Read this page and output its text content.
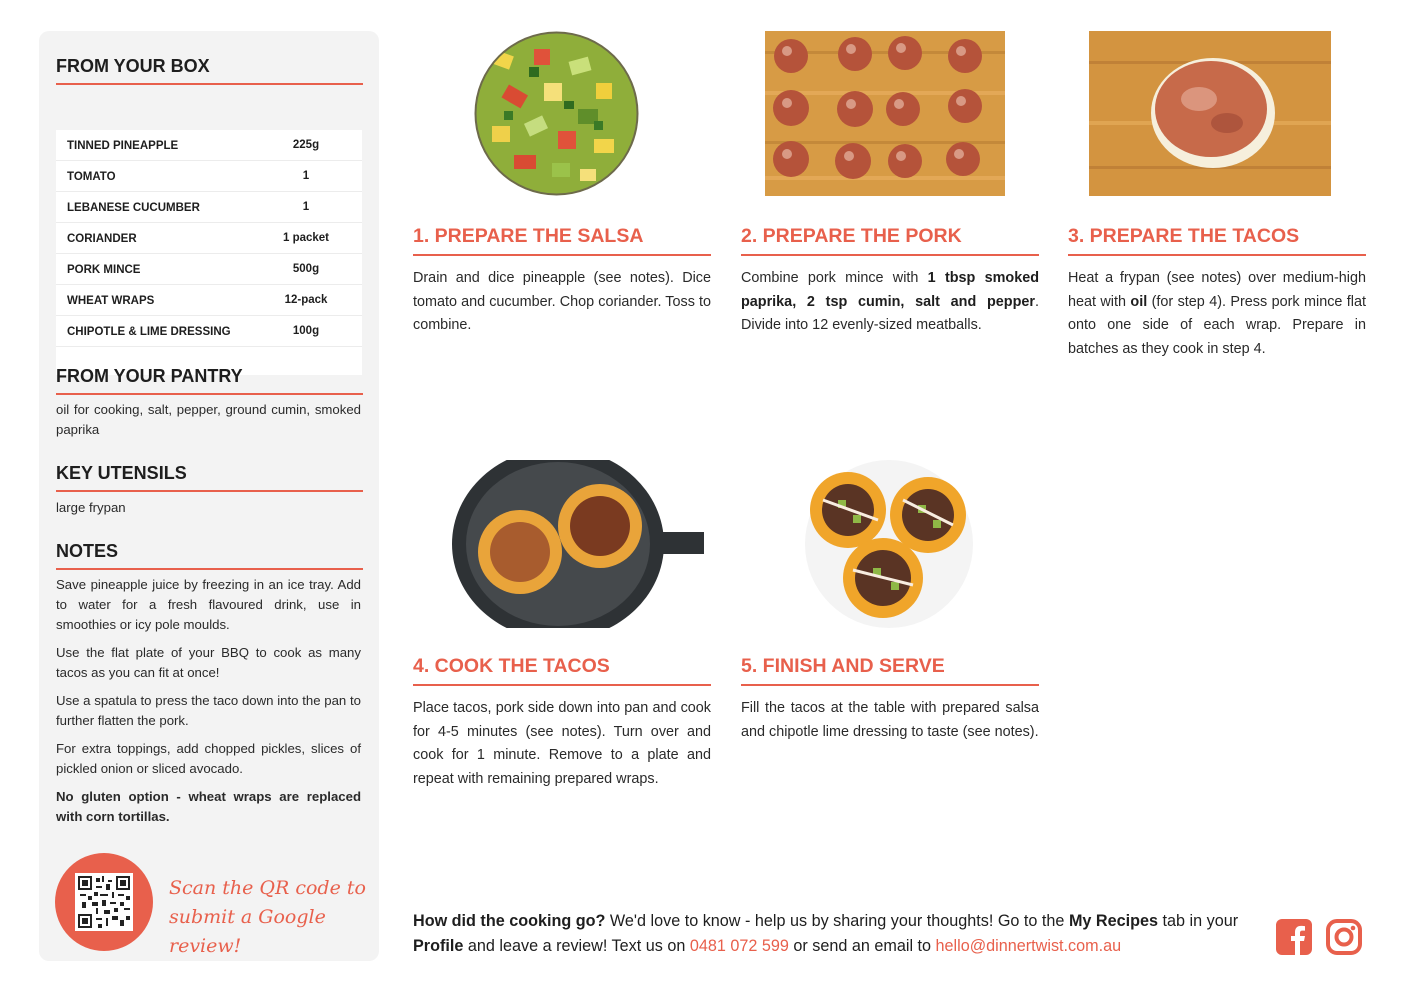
FROM YOUR BOX
TINNED PINEAPPLE	225g
TOMATO	1
LEBANESE CUCUMBER	1
CORIANDER	1 packet
PORK MINCE	500g
WHEAT WRAPS	12-pack
CHIPOTLE & LIME DRESSING	100g
FROM YOUR PANTRY
oil for cooking, salt, pepper, ground cumin, smoked paprika
KEY UTENSILS
large frypan
NOTES

Save pineapple juice by freezing in an ice tray. Add to water for a fresh flavoured drink, use in smoothies or icy pole moulds.

Use the flat plate of your BBQ to cook as many tacos as you can fit at once!

Use a spatula to press the taco down into the pan to further flatten the pork.

For extra toppings, add chopped pickles, slices of pickled onion or sliced avocado.

No gluten option - wheat wraps are replaced with corn tortillas.

Scan the QR code to
submit a Google review!
1. PREPARE THE SALSA
Drain and dice pineapple (see notes). Dice tomato and cucumber. Chop coriander. Toss to combine.
2. PREPARE THE PORK
Combine pork mince with 1 tbsp smoked paprika, 2 tsp cumin, salt and pepper. Divide into 12 evenly-sized meatballs.
3. PREPARE THE TACOS
Heat a frypan (see notes) over medium-high heat with oil (for step 4). Press pork mince flat onto one side of each wrap. Prepare in batches as they cook in step 4.
4. COOK THE TACOS
Place tacos, pork side down into pan and cook for 4-5 minutes (see notes). Turn over and cook for 1 minute. Remove to a plate and repeat with remaining prepared wraps.
5. FINISH AND SERVE
Fill the tacos at the table with prepared salsa and chipotle lime dressing to taste (see notes).
How did the cooking go? We'd love to know - help us by sharing your thoughts! Go to the My Recipes tab in your Profile and leave a review! Text us on 0481 072 599 or send an email to hello@dinnertwist.com.au
